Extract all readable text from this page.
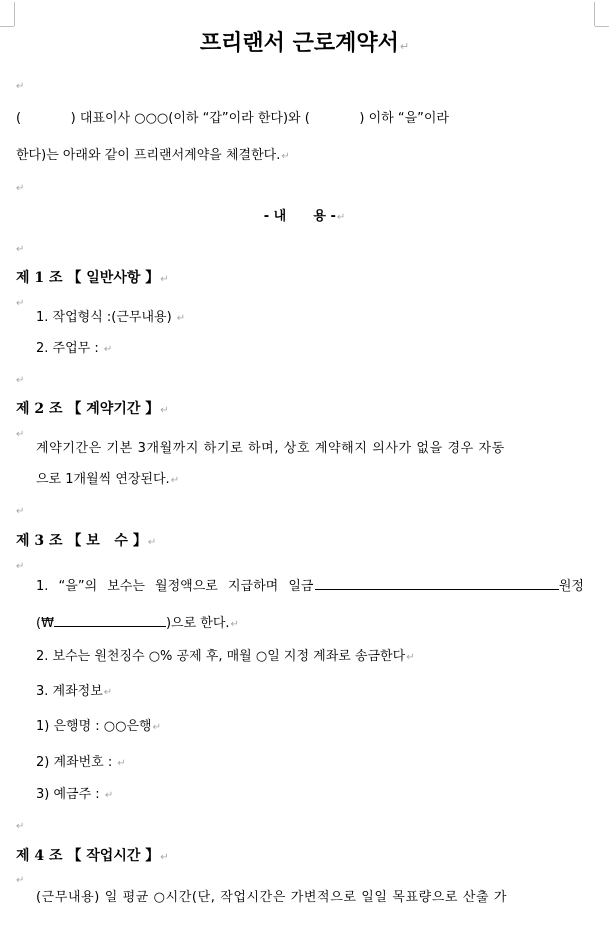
프리랜서 근로계약서↵
↵
(            ) 대표이사 ○○○(이하 “갑”이라 한다)와 (            ) 이하 “을”이라
한다)는 아래와 같이 프리랜서계약을 체결한다.↵
↵
- 내      용 -↵
↵
제 1 조 【 일반사항 】↵
↵
1. 작업형식 :(근무내용) ↵
2. 주업무 : ↵
↵
제 2 조 【 계약기간 】↵
↵
계약기간은 기본 3개월까지 하기로 하며, 상호 계약해지 의사가 없을 경우 자동
으로 1개월씩 연장된다.↵
↵
제 3 조 【 보   수 】↵
↵
1. “을”의 보수는 월정액으로 지급하며 일금	원정
(₩	)으로 한다. ↵
2. 보수는 원천징수 ○% 공제 후, 매월 ○일 지정 계좌로 송금한다↵
3. 계좌정보↵
1) 은행명 : ○○은행↵
2) 계좌번호 : ↵
3) 예금주 : ↵
↵
제 4 조 【 작업시간 】↵
↵
(근무내용) 일 평균 ○시간(단, 작업시간은 가변적으로 일일 목표량으로 산출 가
